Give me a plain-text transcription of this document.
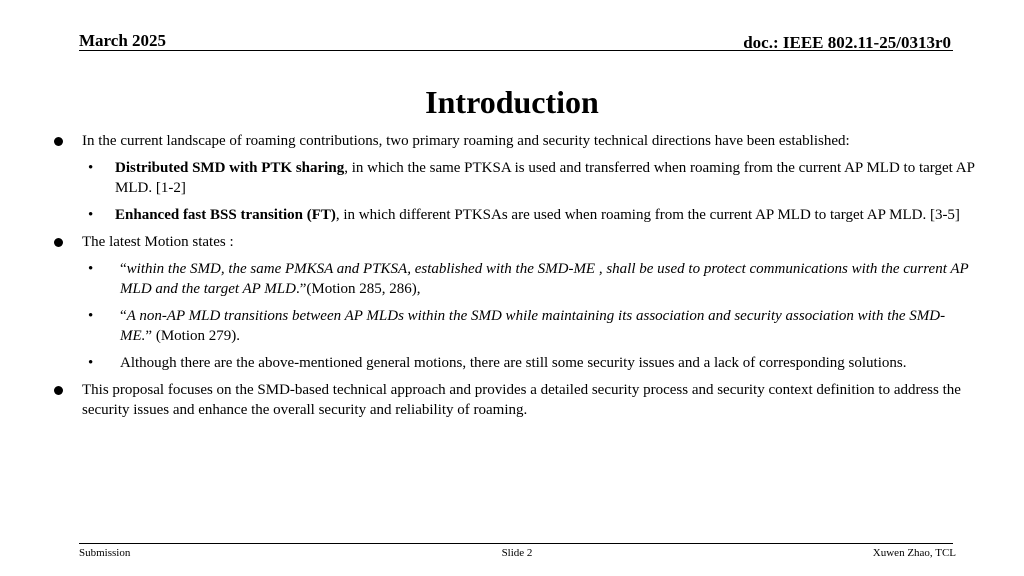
March 2025	doc.: IEEE 802.11-25/0313r0
Introduction
In the current landscape of roaming contributions, two primary roaming and security technical directions have been established:
• Distributed SMD with PTK sharing, in which the same PTKSA is used and transferred when roaming from the current AP MLD to target AP MLD. [1-2]
• Enhanced fast BSS transition (FT), in which different PTKSAs are used when roaming from the current AP MLD to target AP MLD. [3-5]
The latest Motion states :
• “within the SMD, the same PMKSA and PTKSA, established with the SMD-ME , shall be used to protect communications with the current AP MLD and the target AP MLD.”(Motion 285, 286),
• “A non-AP MLD transitions between AP MLDs within the SMD while maintaining its association and security association with the SMD-ME.” (Motion 279).
• Although there are the above-mentioned general motions, there are still some security issues and a lack of corresponding solutions.
This proposal focuses on the SMD-based technical approach and provides a detailed security process and security context definition to address the security issues and enhance the overall security and reliability of roaming.
Submission	Slide 2	Xuwen Zhao, TCL
